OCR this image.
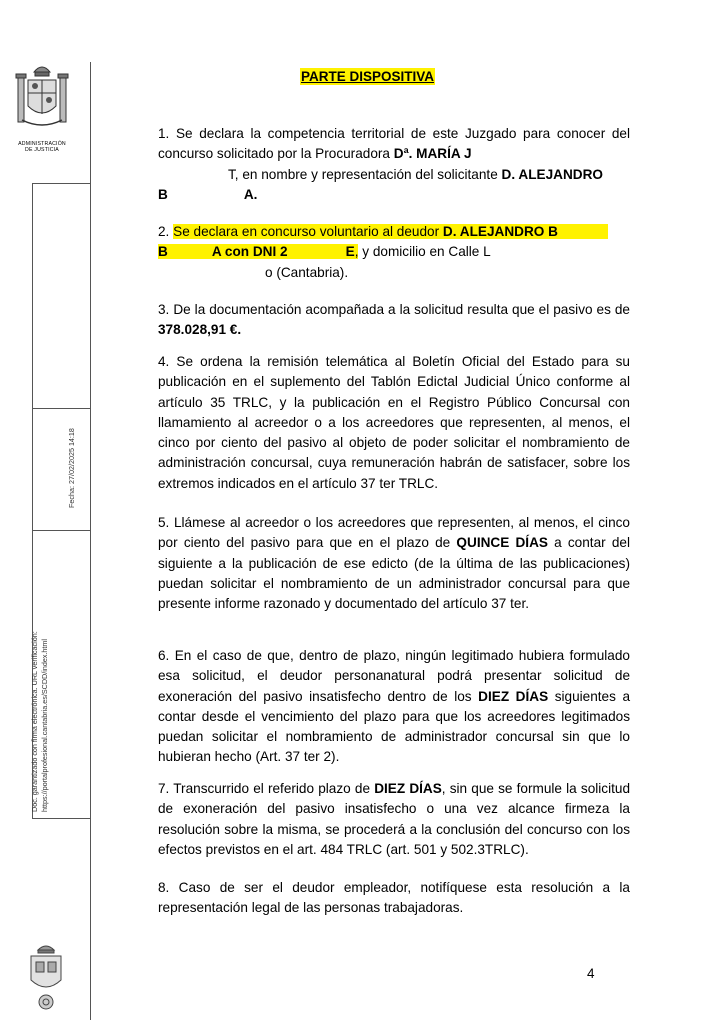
ADMINISTRACIÓN
DE JUSTICIA
Fecha: 27/02/2025 14:18
Doc. garantizado con firma electrónica. URL verificación: https://portalprofesional.cantabria.es/SCDD/index.html
PARTE DISPOSITIVA

1. Se declara la competencia territorial de este Juzgado para conocer del concurso solicitado por la Procuradora Dª. MARÍA J

T, en nombre y representación del solicitante D. ALEJANDRO

B	A.

2. Se declara en concurso voluntario al deudor D. ALEJANDRO B

B	A con DNI 2	E, y domicilio en Calle L

o (Cantabria).

3. De la documentación acompañada a la solicitud resulta que el pasivo es de 378.028,91 €.

4. Se ordena la remisión telemática al Boletín Oficial del Estado para su publicación en el suplemento del Tablón Edictal Judicial Único conforme al artículo 35 TRLC, y la publicación en el Registro Público Concursal con llamamiento al acreedor o a los acreedores que representen, al menos, el cinco por ciento del pasivo al objeto de poder solicitar el nombramiento de administración concursal, cuya remuneración habrán de satisfacer, sobre los extremos indicados en el artículo 37 ter TRLC.

5. Llámese al acreedor o los acreedores que representen, al menos, el cinco por ciento del pasivo para que en el plazo de QUINCE DÍAS a contar del siguiente a la publicación de ese edicto (de la última de las publicaciones) puedan solicitar el nombramiento de un administrador concursal para que presente informe razonado y documentado del artículo 37 ter.

6. En el caso de que, dentro de plazo, ningún legitimado hubiera formulado esa solicitud, el deudor personanatural podrá presentar solicitud de exoneración del pasivo insatisfecho dentro de los DIEZ DÍAS siguientes a contar desde el vencimiento del plazo para que los acreedores legitimados puedan solicitar el nombramiento de administrador concursal sin que lo hubieran hecho (Art. 37 ter 2).

7. Transcurrido el referido plazo de DIEZ DÍAS, sin que se formule la solicitud de exoneración del pasivo insatisfecho o una vez alcance firmeza la resolución sobre la misma, se procederá a la conclusión del concurso con los efectos previstos en el art. 484 TRLC (art. 501 y 502.3TRLC).

8. Caso de ser el deudor empleador, notifíquese esta resolución a la representación legal de las personas trabajadoras.

4
